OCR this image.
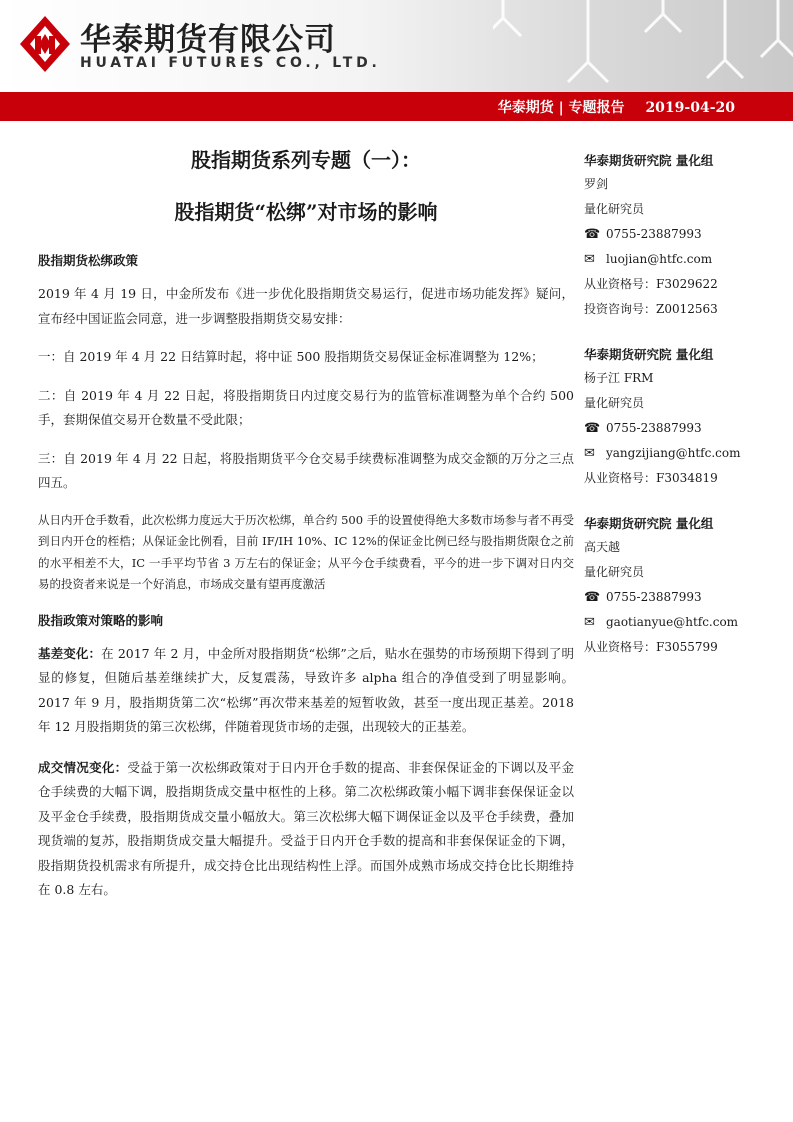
华泰期货有限公司
HUATAI FUTURES CO., LTD.
华泰期货 | 专题报告 2019-04-20
股指期货系列专题（一）：
股指期货“松绑”对市场的影响
股指期货松绑政策
2019 年 4 月 19 日，中金所发布《进一步优化股指期货交易运行，促进市场功能发挥》疑问，宣布经中国证监会同意，进一步调整股指期货交易安排：
一：自 2019 年 4 月 22 日结算时起，将中证 500 股指期货交易保证金标准调整为 12%；
二：自 2019 年 4 月 22 日起，将股指期货日内过度交易行为的监管标准调整为单个合约 500 手，套期保值交易开仓数量不受此限；
三：自 2019 年 4 月 22 日起，将股指期货平今仓交易手续费标准调整为成交金额的万分之三点四五。
从日内开仓手数看，此次松绑力度远大于历次松绑，单合约 500 手的设置使得绝大多数市场参与者不再受到日内开仓的桎梏；从保证金比例看，目前 IF/IH 10%、IC 12%的保证金比例已经与股指期货限仓之前的水平相差不大，IC 一手平均节省 3 万左右的保证金；从平今仓手续费看，平今的进一步下调对日内交易的投资者来说是一个好消息，市场成交量有望再度激活
股指政策对策略的影响
基差变化：在 2017 年 2 月，中金所对股指期货“松绑”之后，贴水在强势的市场预期下得到了明显的修复，但随后基差继续扩大，反复震荡，导致许多 alpha 组合的净值受到了明显影响。2017 年 9 月，股指期货第二次“松绑”再次带来基差的短暂收敛，甚至一度出现正基差。2018 年 12 月股指期货的第三次松绑，伴随着现货市场的走强，出现较大的正基差。
成交情况变化：受益于第一次松绑政策对于日内开仓手数的提高、非套保保证金的下调以及平金仓手续费的大幅下调，股指期货成交量中枢性的上移。第二次松绑政策小幅下调非套保保证金以及平金仓手续费，股指期货成交量小幅放大。第三次松绑大幅下调保证金以及平仓手续费，叠加现货端的复苏，股指期货成交量大幅提升。受益于日内开仓手数的提高和非套保保证金的下调，股指期货投机需求有所提升，成交持仓比出现结构性上浮。而国外成熟市场成交持仓比长期维持在 0.8 左右。
华泰期货研究院 量化组
罗剑
量化研究员
☎ 0755-23887993
✉ luojian@htfc.com
从业资格号：F3029622
投资咨询号：Z0012563
华泰期货研究院 量化组
杨子江 FRM
量化研究员
☎ 0755-23887993
✉ yangzijiang@htfc.com
从业资格号：F3034819
华泰期货研究院 量化组
高天越
量化研究员
☎ 0755-23887993
✉ gaotianyue@htfc.com
从业资格号：F3055799
